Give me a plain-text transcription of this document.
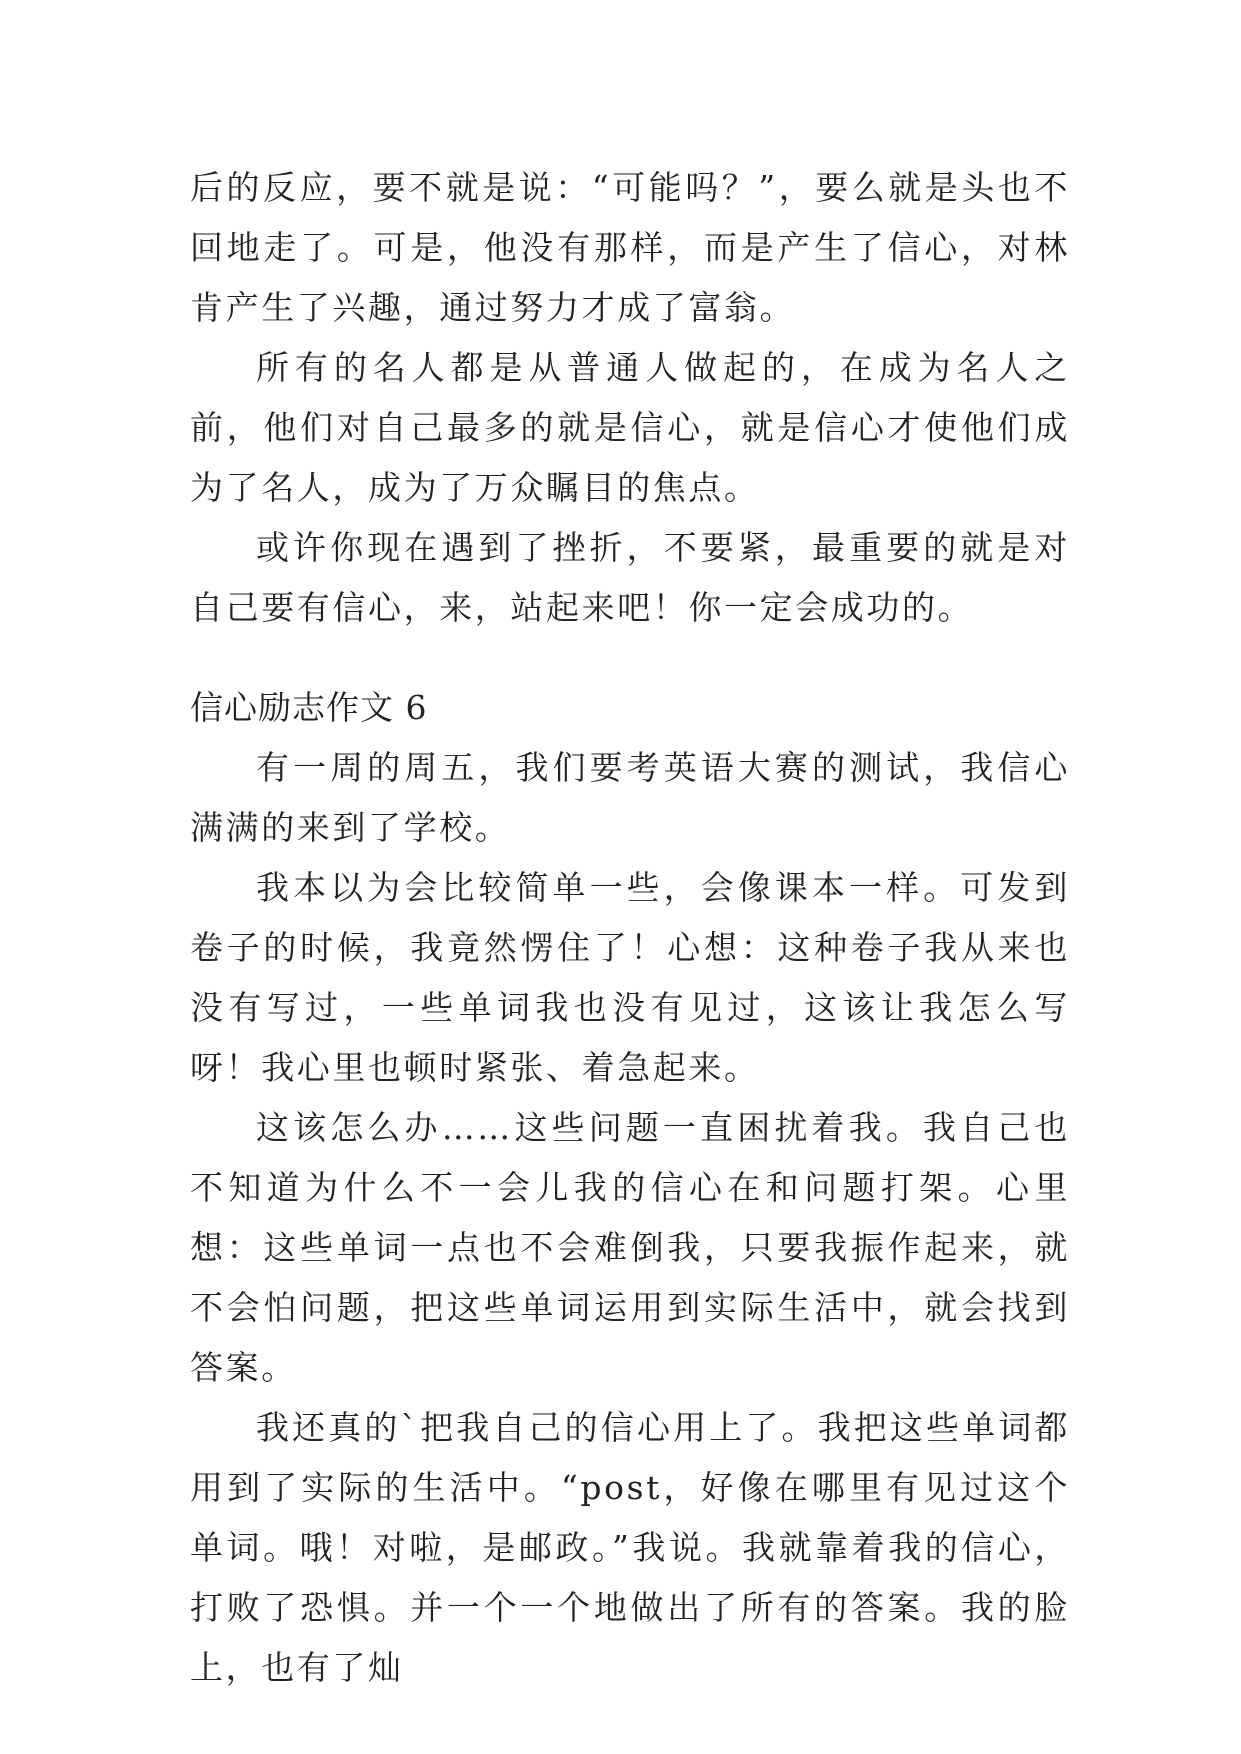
后的反应，要不就是说：“可能吗？”，要么就是头也不回地走了。可是，他没有那样，而是产生了信心，对林肯产生了兴趣，通过努力才成了富翁。

所有的名人都是从普通人做起的，在成为名人之前，他们对自己最多的就是信心，就是信心才使他们成为了名人，成为了万众瞩目的焦点。

或许你现在遇到了挫折，不要紧，最重要的就是对自己要有信心，来，站起来吧！你一定会成功的。

信心励志作文 6

有一周的周五，我们要考英语大赛的测试，我信心满满的来到了学校。

我本以为会比较简单一些，会像课本一样。可发到卷子的时候，我竟然愣住了！心想：这种卷子我从来也没有写过，一些单词我也没有见过，这该让我怎么写呀！我心里也顿时紧张、着急起来。

这该怎么办……这些问题一直困扰着我。我自己也不知道为什么不一会儿我的信心在和问题打架。心里想：这些单词一点也不会难倒我，只要我振作起来，就不会怕问题，把这些单词运用到实际生活中，就会找到答案。

我还真的`把我自己的信心用上了。我把这些单词都用到了实际的生活中。“post，好像在哪里有见过这个单词。哦！对啦，是邮政。”我说。我就靠着我的信心，打败了恐惧。并一个一个地做出了所有的答案。我的脸上，也有了灿
